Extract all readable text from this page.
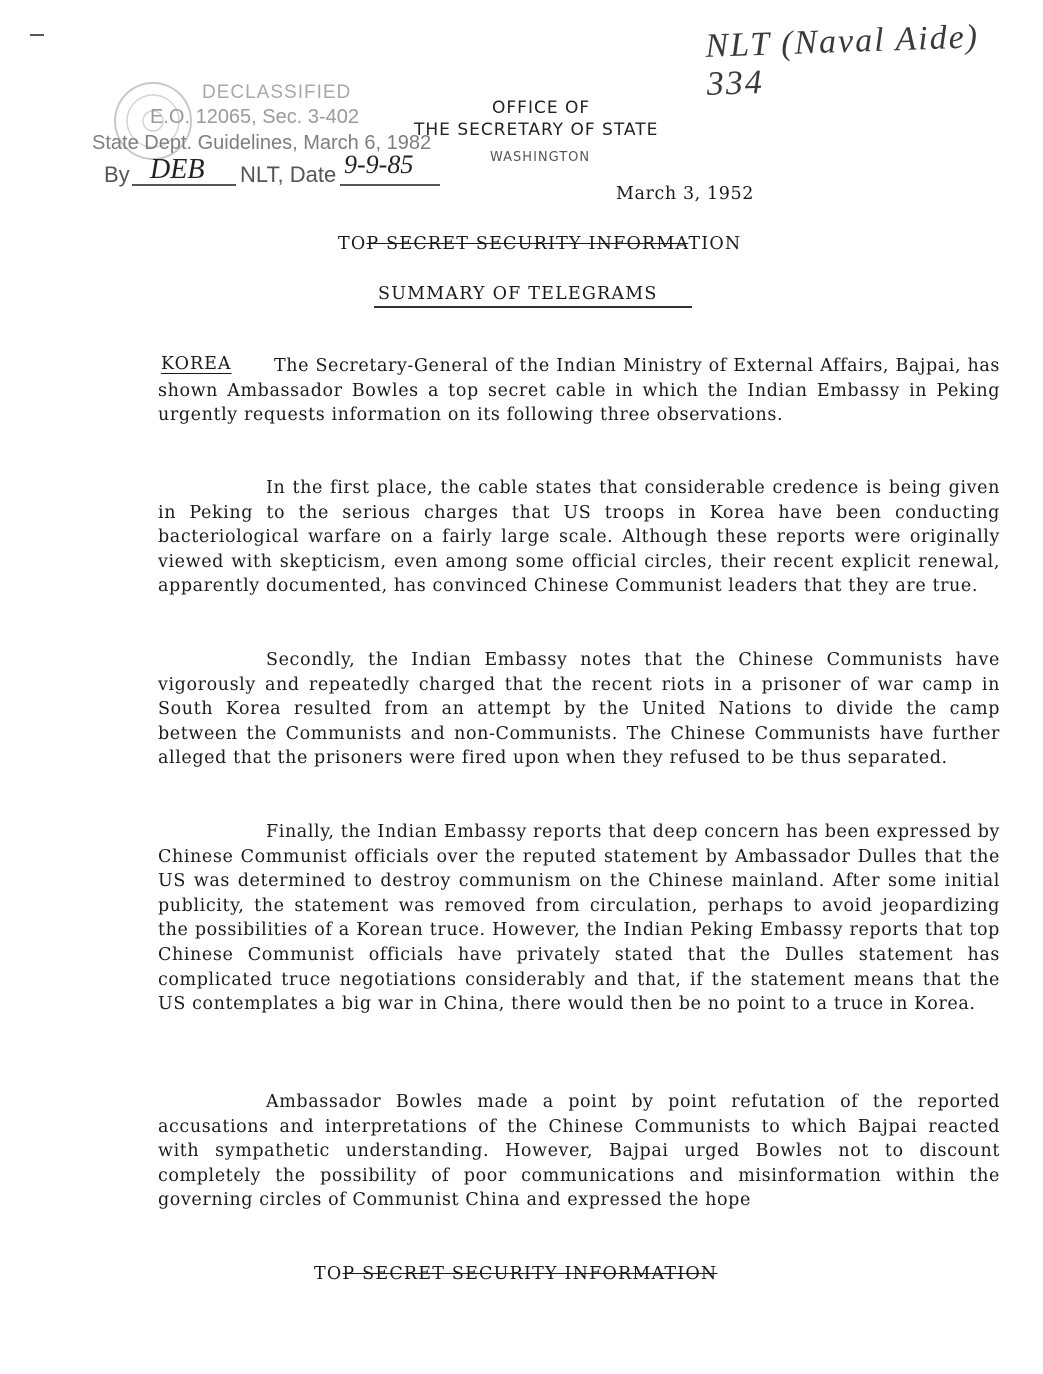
NLT (Naval Aide) 334
DECLASSIFIED
E.O. 12065, Sec. 3-402
State Dept. Guidelines, March 6, 1982
By DEB NLT, Date 9-9-85
OFFICE OF
THE SECRETARY OF STATE
WASHINGTON
March 3, 1952
TOP SECRET SECURITY INFORMATION
SUMMARY OF TELEGRAMS
KOREA	The Secretary-General of the Indian Ministry of External Affairs, Bajpai, has shown Ambassador Bowles a top secret cable in which the Indian Embassy in Peking urgently requests information on its following three observations.

In the first place, the cable states that considerable credence is being given in Peking to the serious charges that US troops in Korea have been conducting bacteriological warfare on a fairly large scale. Although these reports were originally viewed with skepticism, even among some official circles, their recent explicit renewal, apparently documented, has convinced Chinese Communist leaders that they are true.

Secondly, the Indian Embassy notes that the Chinese Communists have vigorously and repeatedly charged that the recent riots in a prisoner of war camp in South Korea resulted from an attempt by the United Nations to divide the camp between the Communists and non-Communists. The Chinese Communists have further alleged that the prisoners were fired upon when they refused to be thus separated.

Finally, the Indian Embassy reports that deep concern has been expressed by Chinese Communist officials over the reputed statement by Ambassador Dulles that the US was determined to destroy communism on the Chinese mainland. After some initial publicity, the statement was removed from circulation, perhaps to avoid jeopardizing the possibilities of a Korean truce. However, the Indian Peking Embassy reports that top Chinese Communist officials have privately stated that the Dulles statement has complicated truce negotiations considerably and that, if the statement means that the US contemplates a big war in China, there would then be no point to a truce in Korea.

Ambassador Bowles made a point by point refutation of the reported accusations and interpretations of the Chinese Communists to which Bajpai reacted with sympathetic understanding. However, Bajpai urged Bowles not to discount completely the possibility of poor communications and misinformation within the governing circles of Communist China and expressed the hope

TOP SECRET SECURITY INFORMATION
